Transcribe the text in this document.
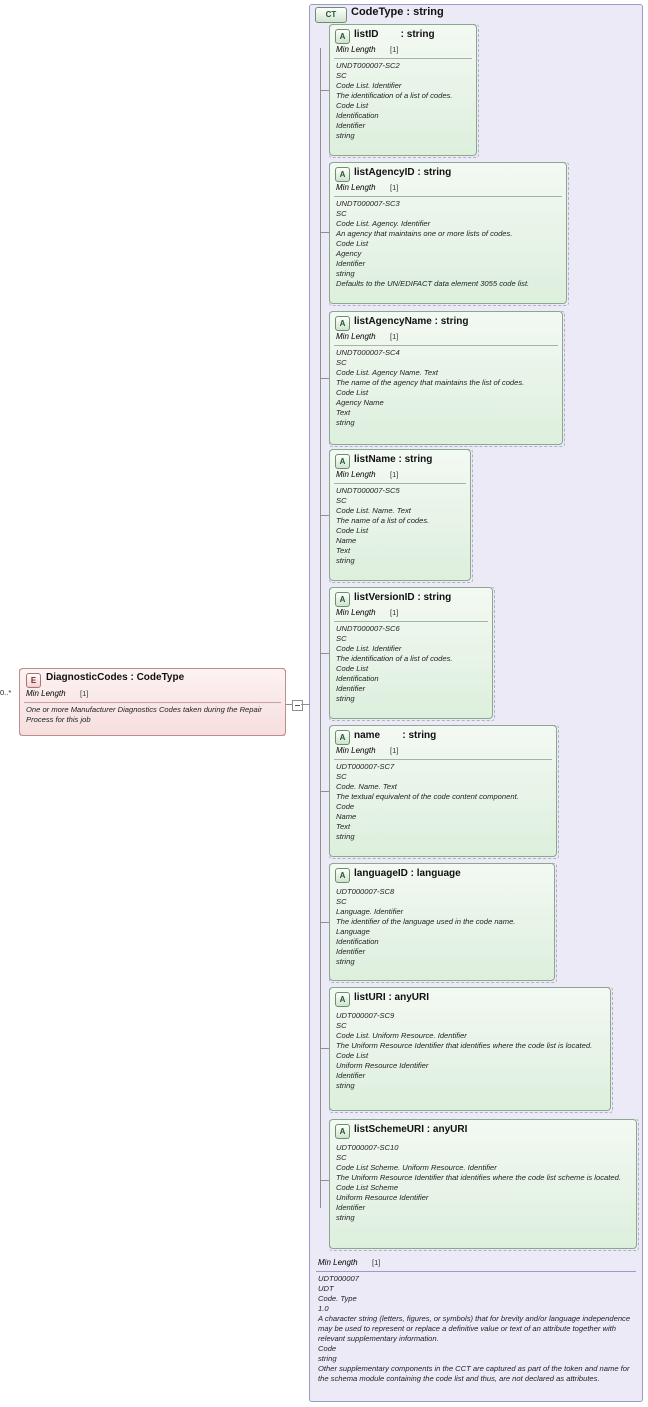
CT	CodeType : string
0..*
E DiagnosticCodes : CodeType
Min Length [1]
One or more Manufacturer Diagnostics Codes taken during the Repair Process for this job
A listID        : string
Min Length [1]
UNDT000007-SC2
SC
Code List. Identifier
The identification of a list of codes.
Code List
Identification
Identifier
string
A listAgencyID : string
Min Length [1]
UNDT000007-SC3
SC
Code List. Agency. Identifier
An agency that maintains one or more lists of codes.
Code List
Agency
Identifier
string
Defaults to the UN/EDIFACT data element 3055 code list.
A listAgencyName : string
Min Length [1]
UNDT000007-SC4
SC
Code List. Agency Name. Text
The name of the agency that maintains the list of codes.
Code List
Agency Name
Text
string
A listName : string
Min Length [1]
UNDT000007-SC5
SC
Code List. Name. Text
The name of a list of codes.
Code List
Name
Text
string
A listVersionID : string
Min Length [1]
UNDT000007-SC6
SC
Code List. Identifier
The identification of a list of codes.
Code List
Identification
Identifier
string
A name        : string
Min Length [1]
UDT000007-SC7
SC
Code. Name. Text
The textual equivalent of the code content component.
Code
Name
Text
string
A languageID : language
UDT000007-SC8
SC
Language. Identifier
The identifier of the language used in the code name.
Language
Identification
Identifier
string
A listURI : anyURI
UDT000007-SC9
SC
Code List. Uniform Resource. Identifier
The Uniform Resource Identifier that identifies where the code list is located.
Code List
Uniform Resource Identifier
Identifier
string
A listSchemeURI : anyURI
UDT000007-SC10
SC
Code List Scheme. Uniform Resource. Identifier
The Uniform Resource Identifier that identifies where the code list scheme is located.
Code List Scheme
Uniform Resource Identifier
Identifier
string
Min Length [1]
UDT000007
UDT
Code. Type
1.0
A character string (letters, figures, or symbols) that for brevity and/or language independence may be used to represent or replace a definitive value or text of an attribute together with relevant supplementary information.
Code
string
Other supplementary components in the CCT are captured as part of the token and name for the schema module containing the code list and thus, are not declared as attributes.
